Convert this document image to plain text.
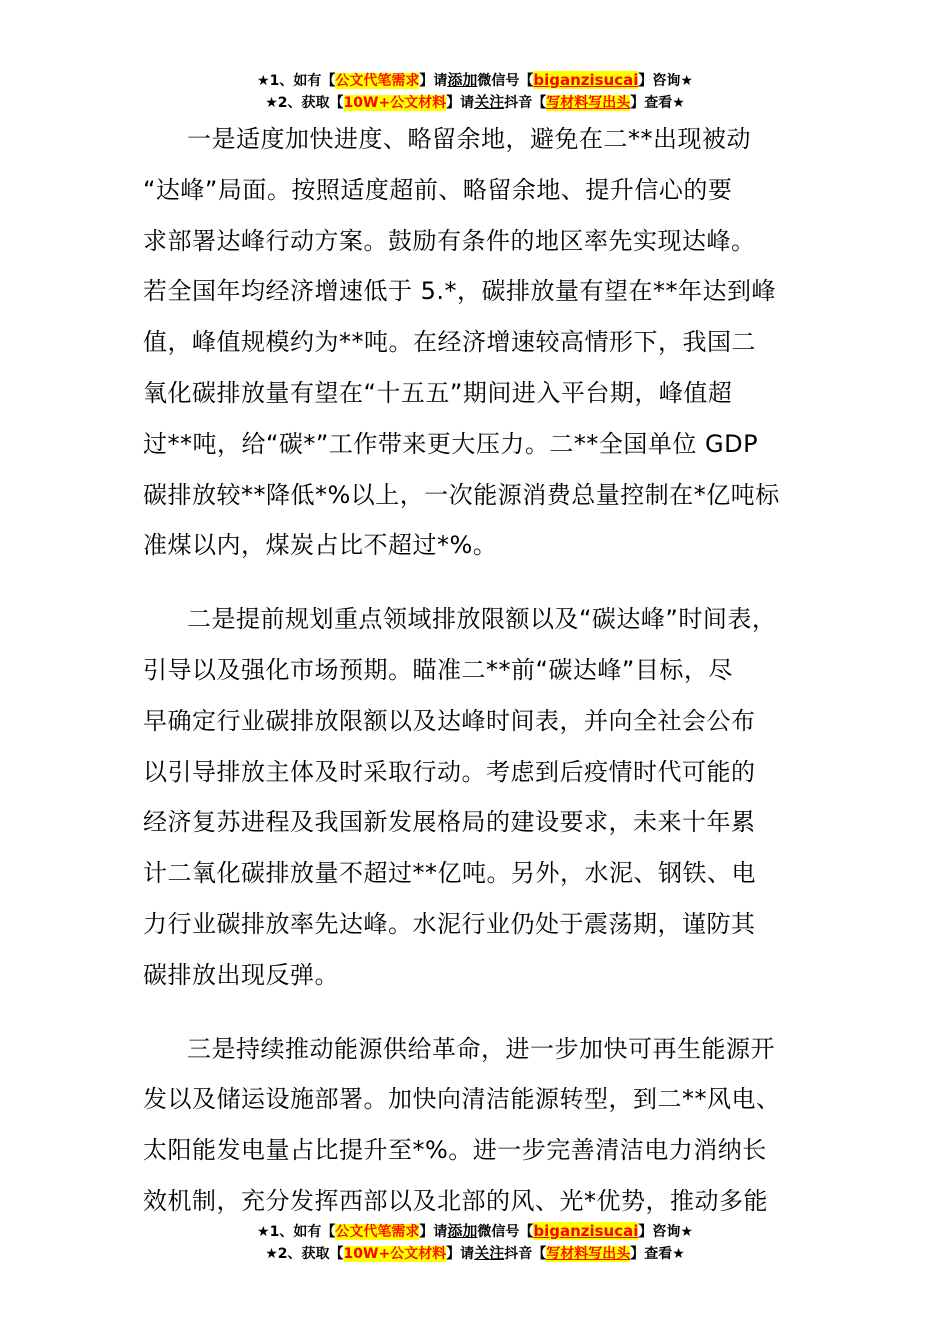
★1、如有【公文代笔需求】请添加微信号【biganzisucai】咨询★
★2、获取【10W+公文材料】请关注抖音【写材料写出头】查看★

一是适度加快进度、略留余地，避免在二**出现被动
“达峰”局面。按照适度超前、略留余地、提升信心的要
求部署达峰行动方案。鼓励有条件的地区率先实现达峰。
若全国年均经济增速低于 5.*，碳排放量有望在**年达到峰
值，峰值规模约为**吨。在经济增速较高情形下，我国二
氧化碳排放量有望在“十五五”期间进入平台期，峰值超
过**吨，给“碳*”工作带来更大压力。二**全国单位 GDP
碳排放较**降低*%以上，一次能源消费总量控制在*亿吨标
准煤以内，煤炭占比不超过*%。

二是提前规划重点领域排放限额以及“碳达峰”时间表，
引导以及强化市场预期。瞄准二**前“碳达峰”目标，尽
早确定行业碳排放限额以及达峰时间表，并向全社会公布
以引导排放主体及时采取行动。考虑到后疫情时代可能的
经济复苏进程及我国新发展格局的建设要求，未来十年累
计二氧化碳排放量不超过**亿吨。另外，水泥、钢铁、电
力行业碳排放率先达峰。水泥行业仍处于震荡期，谨防其
碳排放出现反弹。

三是持续推动能源供给革命，进一步加快可再生能源开
发以及储运设施部署。加快向清洁能源转型，到二**风电、
太阳能发电量占比提升至*%。进一步完善清洁电力消纳长
效机制，充分发挥西部以及北部的风、光*优势，推动多能

★1、如有【公文代笔需求】请添加微信号【biganzisucai】咨询★
★2、获取【10W+公文材料】请关注抖音【写材料写出头】查看★
